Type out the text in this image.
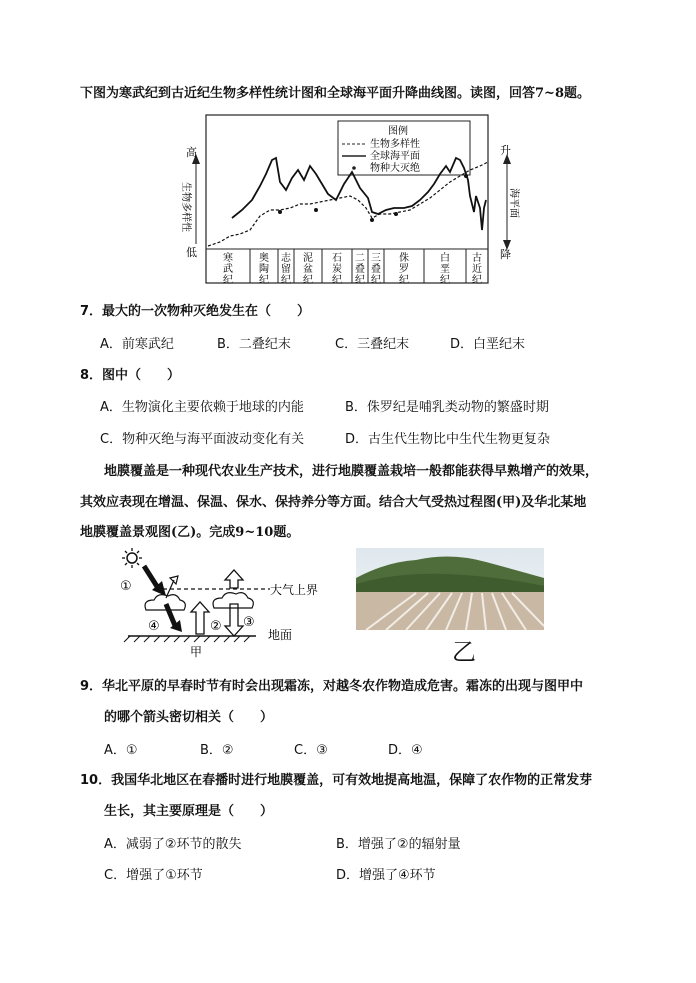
下图为寒武纪到古近纪生物多样性统计图和全球海平面升降曲线图。读图，回答7~8题。
高
低
生物多样性
升
降
海平面
图例
生物多样性
全球海平面
物种大灭绝
寒武纪
奥陶纪
志留纪
泥盆纪
石炭纪
二叠纪
三叠纪
侏罗纪
白垩纪
古近纪
7．最大的一次物种灭绝发生在（　　）
A．前寒武纪	B．二叠纪末	C．三叠纪末	D．白垩纪末
8．图中（　　）
A．生物演化主要依赖于地球的内能	B．侏罗纪是哺乳类动物的繁盛时期
C．物种灭绝与海平面波动变化有关	D．古生代生物比中生代生物更复杂
地膜覆盖是一种现代农业生产技术，进行地膜覆盖栽培一般都能获得早熟增产的效果，
其效应表现在增温、保温、保水、保持养分等方面。结合大气受热过程图(甲)及华北某地
地膜覆盖景观图(乙)。完成9~10题。
①	大气上界
④	② ③
地面
甲	乙
9．华北平原的早春时节有时会出现霜冻，对越冬农作物造成危害。霜冻的出现与图甲中
的哪个箭头密切相关（　　）
A．①	B．②	C．③	D．④
10．我国华北地区在春播时进行地膜覆盖，可有效地提高地温，保障了农作物的正常发芽
生长，其主要原理是（　　）
A．减弱了②环节的散失	B．增强了②的辐射量
C．增强了①环节	D．增强了④环节
